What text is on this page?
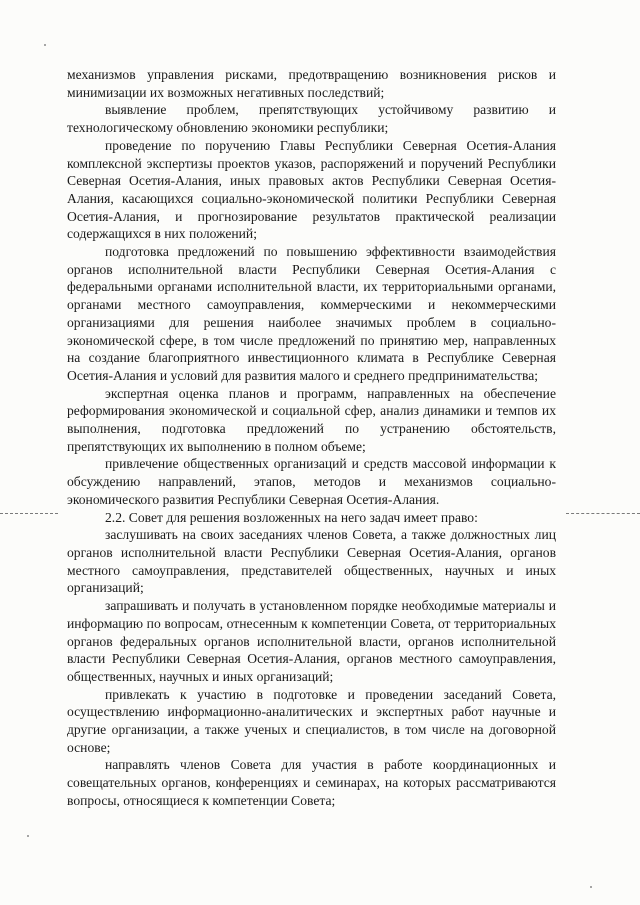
механизмов управления рисками, предотвращению возникновения рисков и минимизации их возможных негативных последствий;

выявление проблем, препятствующих устойчивому развитию и технологическому обновлению экономики республики;

проведение по поручению Главы Республики Северная Осетия-Алания комплексной экспертизы проектов указов, распоряжений и поручений Республики Северная Осетия-Алания, иных правовых актов Республики Северная Осетия-Алания, касающихся социально-экономической политики Республики Северная Осетия-Алания, и прогнозирование результатов практической реализации содержащихся в них положений;

подготовка предложений по повышению эффективности взаимодействия органов исполнительной власти Республики Северная Осетия-Алания с федеральными органами исполнительной власти, их территориальными органами, органами местного самоуправления, коммерческими и некоммерческими организациями для решения наиболее значимых проблем в социально-экономической сфере, в том числе предложений по принятию мер, направленных на создание благоприятного инвестиционного климата в Республике Северная Осетия-Алания и условий для развития малого и среднего предпринимательства;

экспертная оценка планов и программ, направленных на обеспечение реформирования экономической и социальной сфер, анализ динамики и темпов их выполнения, подготовка предложений по устранению обстоятельств, препятствующих их выполнению в полном объеме;

привлечение общественных организаций и средств массовой информации к обсуждению направлений, этапов, методов и механизмов социально-экономического развития Республики Северная Осетия-Алания.

2.2. Совет для решения возложенных на него задач имеет право:

заслушивать на своих заседаниях членов Совета, а также должностных лиц органов исполнительной власти Республики Северная Осетия-Алания, органов местного самоуправления, представителей общественных, научных и иных организаций;

запрашивать и получать в установленном порядке необходимые материалы и информацию по вопросам, отнесенным к компетенции Совета, от территориальных органов федеральных органов исполнительной власти, органов исполнительной власти Республики Северная Осетия-Алания, органов местного самоуправления, общественных, научных и иных организаций;

привлекать к участию в подготовке и проведении заседаний Совета, осуществлению информационно-аналитических и экспертных работ научные и другие организации, а также ученых и специалистов, в том числе на договорной основе;

направлять членов Совета для участия в работе координационных и совещательных органов, конференциях и семинарах, на которых рассматриваются вопросы, относящиеся к компетенции Совета;
